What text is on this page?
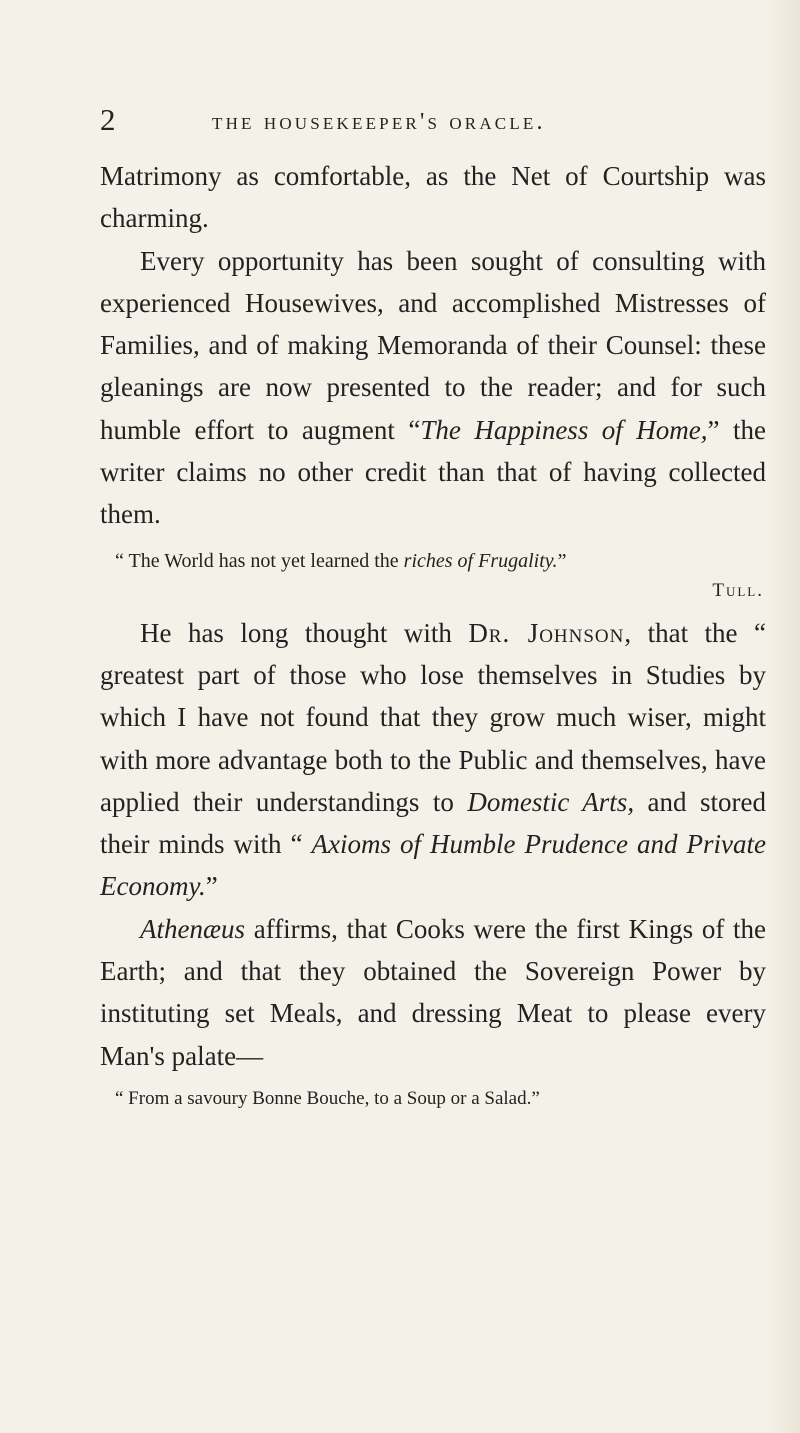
2	the housekeeper's oracle.

Matrimony as comfortable, as the Net of Courtship was charming.

Every opportunity has been sought of consulting with experienced Housewives, and accomplished Mistresses of Families, and of making Memoranda of their Counsel: these gleanings are now presented to the reader; and for such humble effort to augment “The Happiness of Home,” the writer claims no other credit than that of having collected them.

“ The World has not yet learned the riches of Frugality.”

Tull.

He has long thought with Dr. Johnson, that the “ greatest part of those who lose themselves in Studies by which I have not found that they grow much wiser, might with more advantage both to the Public and themselves, have applied their understandings to Domestic Arts, and stored their minds with “ Axioms of Humble Prudence and Private Economy.”

Athenæus affirms, that Cooks were the first Kings of the Earth; and that they obtained the Sovereign Power by instituting set Meals, and dressing Meat to please every Man's palate—

“ From a savoury Bonne Bouche, to a Soup or a Salad.”
